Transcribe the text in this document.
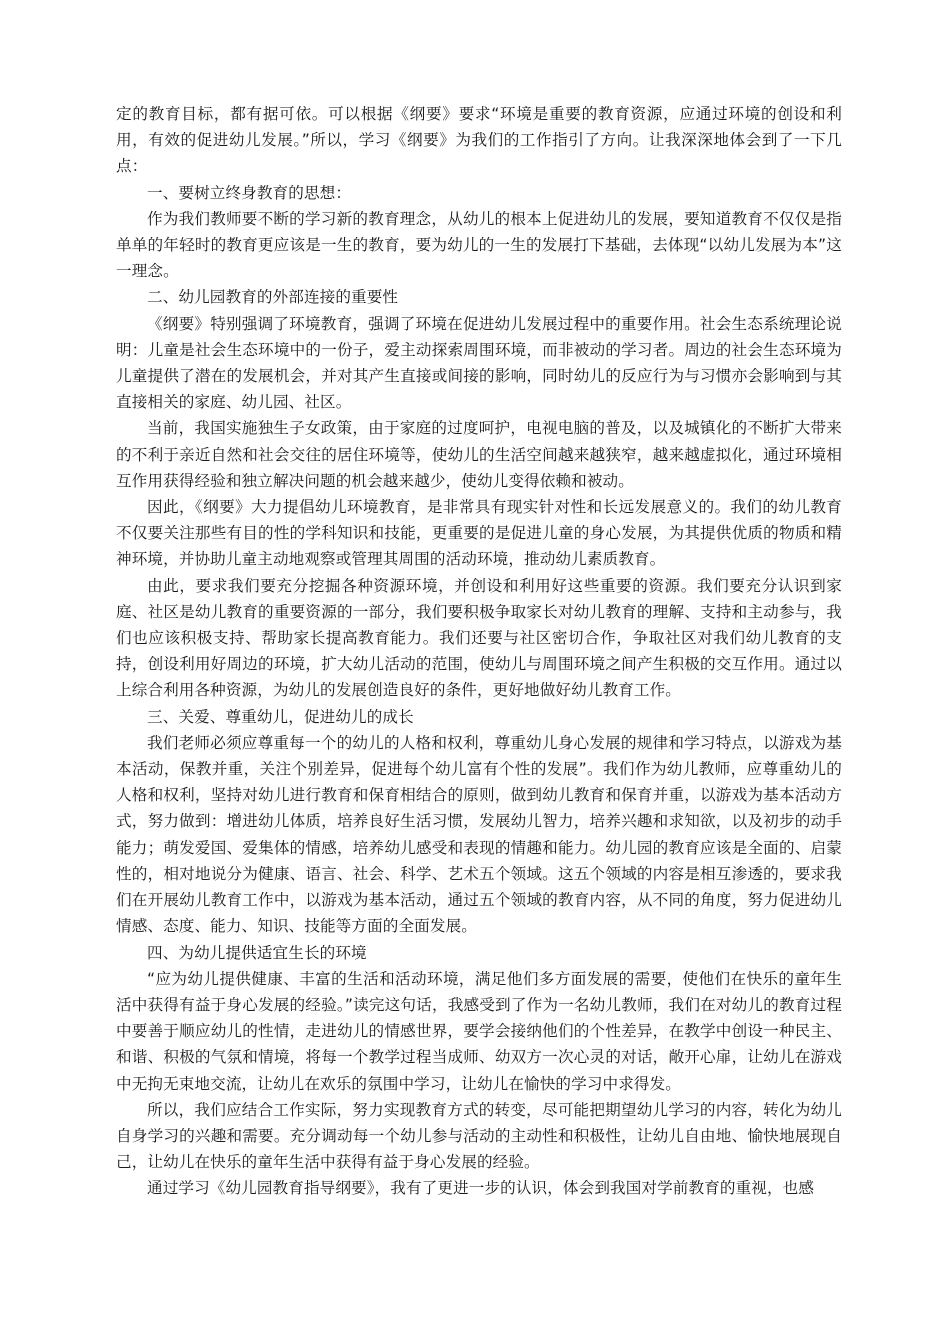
定的教育目标，都有据可依。可以根据《纲要》要求“环境是重要的教育资源，应通过环境的创设和利用，有效的促进幼儿发展。”所以，学习《纲要》为我们的工作指引了方向。让我深深地体会到了一下几点：

一、要树立终身教育的思想：

作为我们教师要不断的学习新的教育理念，从幼儿的根本上促进幼儿的发展，要知道教育不仅仅是指单单的年轻时的教育更应该是一生的教育，要为幼儿的一生的发展打下基础，去体现“以幼儿发展为本”这一理念。

二、幼儿园教育的外部连接的重要性

《纲要》特别强调了环境教育，强调了环境在促进幼儿发展过程中的重要作用。社会生态系统理论说明：儿童是社会生态环境中的一份子，爱主动探索周围环境，而非被动的学习者。周边的社会生态环境为儿童提供了潜在的发展机会，并对其产生直接或间接的影响，同时幼儿的反应行为与习惯亦会影响到与其直接相关的家庭、幼儿园、社区。

当前，我国实施独生子女政策，由于家庭的过度呵护，电视电脑的普及，以及城镇化的不断扩大带来的不利于亲近自然和社会交往的居住环境等，使幼儿的生活空间越来越狭窄，越来越虚拟化，通过环境相互作用获得经验和独立解决问题的机会越来越少，使幼儿变得依赖和被动。

因此，《纲要》大力提倡幼儿环境教育，是非常具有现实针对性和长远发展意义的。我们的幼儿教育不仅要关注那些有目的性的学科知识和技能，更重要的是促进儿童的身心发展，为其提供优质的物质和精神环境，并协助儿童主动地观察或管理其周围的活动环境，推动幼儿素质教育。

由此，要求我们要充分挖掘各种资源环境，并创设和利用好这些重要的资源。我们要充分认识到家庭、社区是幼儿教育的重要资源的一部分，我们要积极争取家长对幼儿教育的理解、支持和主动参与，我们也应该积极支持、帮助家长提高教育能力。我们还要与社区密切合作，争取社区对我们幼儿教育的支持，创设利用好周边的环境，扩大幼儿活动的范围，使幼儿与周围环境之间产生积极的交互作用。通过以上综合利用各种资源，为幼儿的发展创造良好的条件，更好地做好幼儿教育工作。

三、关爱、尊重幼儿，促进幼儿的成长

我们老师必须应尊重每一个的幼儿的人格和权利，尊重幼儿身心发展的规律和学习特点，以游戏为基本活动，保教并重，关注个别差异，促进每个幼儿富有个性的发展”。我们作为幼儿教师，应尊重幼儿的人格和权利，坚持对幼儿进行教育和保育相结合的原则，做到幼儿教育和保育并重，以游戏为基本活动方式，努力做到：增进幼儿体质，培养良好生活习惯，发展幼儿智力，培养兴趣和求知欲，以及初步的动手能力；萌发爱国、爱集体的情感，培养幼儿感受和表现的情趣和能力。幼儿园的教育应该是全面的、启蒙性的，相对地说分为健康、语言、社会、科学、艺术五个领域。这五个领域的内容是相互渗透的，要求我们在开展幼儿教育工作中，以游戏为基本活动，通过五个领域的教育内容，从不同的角度，努力促进幼儿情感、态度、能力、知识、技能等方面的全面发展。

四、为幼儿提供适宜生长的环境

“应为幼儿提供健康、丰富的生活和活动环境，满足他们多方面发展的需要，使他们在快乐的童年生活中获得有益于身心发展的经验。”读完这句话，我感受到了作为一名幼儿教师，我们在对幼儿的教育过程中要善于顺应幼儿的性情，走进幼儿的情感世界，要学会接纳他们的个性差异，在教学中创设一种民主、和谐、积极的气氛和情境，将每一个教学过程当成师、幼双方一次心灵的对话，敞开心扉，让幼儿在游戏中无拘无束地交流，让幼儿在欢乐的氛围中学习，让幼儿在愉快的学习中求得发。

所以，我们应结合工作实际，努力实现教育方式的转变，尽可能把期望幼儿学习的内容，转化为幼儿自身学习的兴趣和需要。充分调动每一个幼儿参与活动的主动性和积极性，让幼儿自由地、愉快地展现自己，让幼儿在快乐的童年生活中获得有益于身心发展的经验。

通过学习《幼儿园教育指导纲要》，我有了更进一步的认识，体会到我国对学前教育的重视，也感
